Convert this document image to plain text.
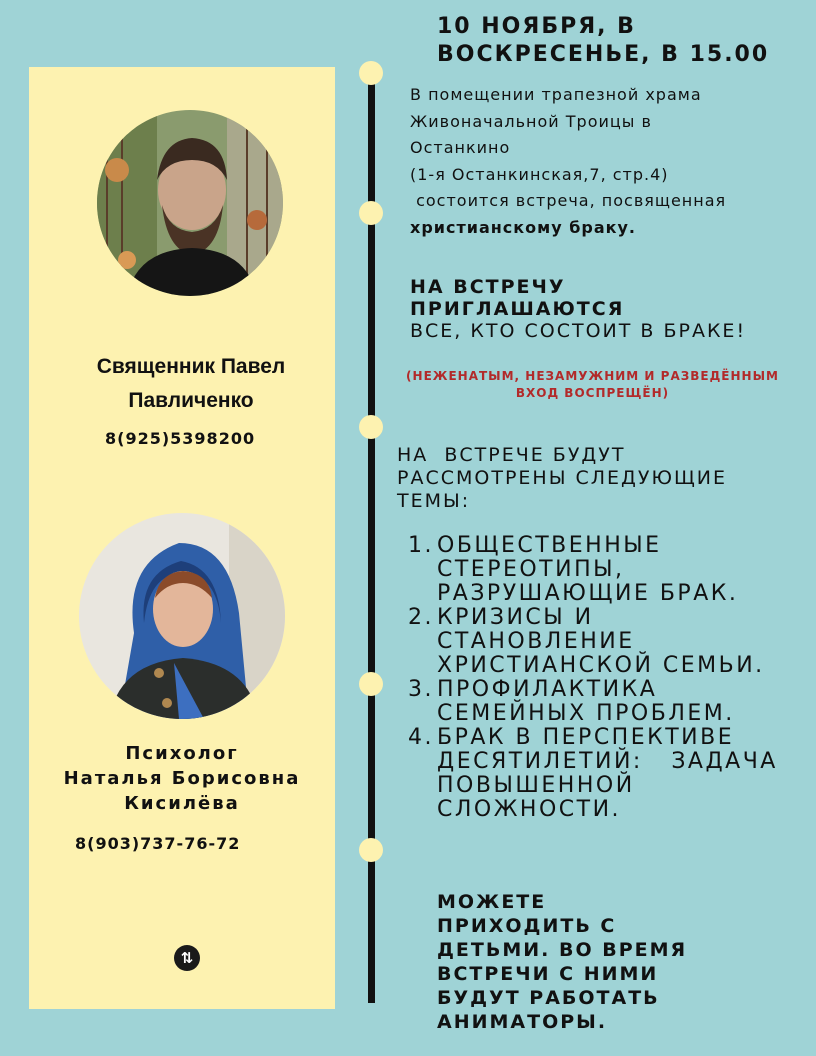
Священник Павел
Павличенко
8(925)5398200
Психолог
Наталья Борисовна
Кисилёва
8(903)737-76-72
⇅
10 НОЯБРЯ, В
ВОСКРЕСЕНЬЕ, В 15.00
В помещении трапезной храма
Живоначальной Троицы в
Останкино
(1-я Останкинская,7, стр.4)
состоится встреча, посвященная
христианскому браку.
НА ВСТРЕЧУ
ПРИГЛАШАЮТСЯ
ВСЕ, КТО СОСТОИТ В БРАКЕ!
(НЕЖЕНАТЫМ, НЕЗАМУЖНИМ И РАЗВЕДЁННЫМ
ВХОД ВОСПРЕЩЁН)
НА  ВСТРЕЧЕ БУДУТ
РАССМОТРЕНЫ СЛЕДУЮЩИЕ
ТЕМЫ:
1. ОБЩЕСТВЕННЫЕ
СТЕРЕОТИПЫ,
РАЗРУШАЮЩИЕ БРАК.
2. КРИЗИСЫ И
СТАНОВЛЕНИЕ
ХРИСТИАНСКОЙ СЕМЬИ.
3. ПРОФИЛАКТИКА
СЕМЕЙНЫХ ПРОБЛЕМ.
4. БРАК В ПЕРСПЕКТИВЕ
ДЕСЯТИЛЕТИЙ:   ЗАДАЧА
ПОВЫШЕННОЙ
СЛОЖНОСТИ.
МОЖЕТЕ
ПРИХОДИТЬ С
ДЕТЬМИ. ВО ВРЕМЯ
ВСТРЕЧИ С НИМИ
БУДУТ РАБОТАТЬ
АНИМАТОРЫ.
